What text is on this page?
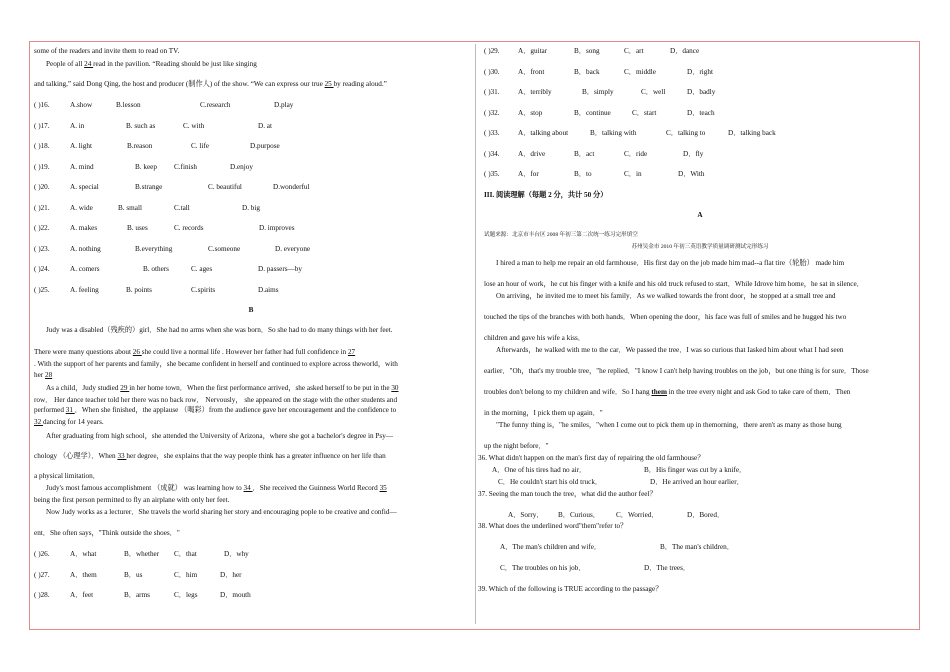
some of the readers and invite them to read on TV.
People of all 24 read in the pavilion. “Reading should be just like singing
and talking,” said Dong Qing, the host and producer (制作人) of the show. “We can express our true 25 by reading aloud.”
( )16.	A.show	B.lesson	C.research	D.play
( )17.	A. in	B. such as	C. with	D. at
( )18.	A. light	B.reason	C. life	D.purpose
( )19.	A. mind	B. keep C.finish	D.enjoy
( )20.	A. special	B.strange	C. beautiful	D.wonderful
( )21.	A. wide	B. small	C.tall	D. big
( )22.	A. makes	B. uses	C. records	D. improves
( )23.	A. nothing	B.everything	C.someone	D. everyone
( )24.	A. comers	B. others	C. ages	D. passers—by
( )25.	A. feeling	B. points	C.spirits	D.aims
B
Judy was a disabled（残疾的）girl．She had no arms when she was born．So she had to do many things with her feet.
There were many questions about 26 she could live a normal life . However her father had full confidence in 27
. With the support of her parents and family，she became confident in herself and continued to explore across theworld，with
her 28
As a child，Judy studied 29 in her home town．When the first performance arrived，she asked herself to be put in the 30
row． Her dance teacher told her there was no back row． Nervously， she appeared on the stage with the other students and
performed 31 ．When she finished，the applause （喝彩）from the audience gave her encouragement and the confidence to
32 dancing for 14 years.
After graduating from high school，she attended the University of Arizona，where she got a bachelor's degree in Psy—
chology （心理学）．When 33 her degree，she explains that the way people think has a greater influence on her life than
a physical limitation．
Judy's most famous accomplishment （成就） was learning how to 34 ．She received the Guinness World Record 35
being the first person permitted to fly an airplane with only her feet.
Now Judy works as a lecturer．She travels the world sharing her story and encouraging pople to be creative and confid—
ent．She often says，"Think outside the shoes．"
( )26.	A．what	B．whether C．that	D．why
( )27.	A．them	B．us	C．him	D．her
( )28.	A．feet	B．arms	C．legs	D．mouth
( )29.	A．guitar	B．song	C．art	D．dance
( )30.	A．front	B．back	C．middle	D．right
( )31.	A．terribly	B．simply	C．well	D．badly
( )32.	A．stop	B．continue	C．start	D．teach
( )33.	A．talking about	B．talking with	C．talking to	D．talking back
( )34.	A．drive	B．act	C．ride	D．fly
( )35.	A．for	B．to	C．in	D．With
III. 阅读理解（每题 2 分，共计 50 分）
A
试题来源：北京市丰台区 2008 年初三第二次统一练习完形填空
苏州吴金市 2010 年初三英语教学质量调研测试完形练习
I hired a man to help me repair an old farmhouse．His first day on the job made him mad--a flat tire（轮胎） made him
lose an hour of work，he cut his finger with a knife and his old truck refused to start．While Idrove him home，he sat in silence．
On arriving，he invited me to meet his family．As we walked towards the front door，he stopped at a small tree and
touched the tips of the branches with both hands．When opening the door，his face was full of smiles and he hugged his two
children and gave his wife a kiss．
Afterwards，he walked with me to the car．We passed the tree．I was so curious that Iasked him about what I had seen
earlier．"Oh，that's my trouble tree，"he replied．"I know I can't help having troubles on the job，but one thing is for sure．Those
troubles don't belong to my children and wife．So I hang them in the tree every night and ask God to take care of them．Then
in the morning，I pick them up again．"
"The funny thing is，"he smiles，"when I come out to pick them up in themorning，there aren't as many as those hung
up the night before．"
36. What didn't happen on the man's first day of repairing the old farmhouse？
A．One of his tires had no air．	B．His finger was cut by a knife．
C．He couldn't start his old truck．	D．He arrived an hour earlier．
37. Seeing the man touch the tree，what did the author feel？
A．Sorry． B．Curious． C．Worried．	D．Bored．
38. What does the underlined word"them"refer to？
A．The man's children and wife．	B．The man's children．
C．The troubles on his job．	D．The trees．
39. Which of the following is TRUE according to the passage？
